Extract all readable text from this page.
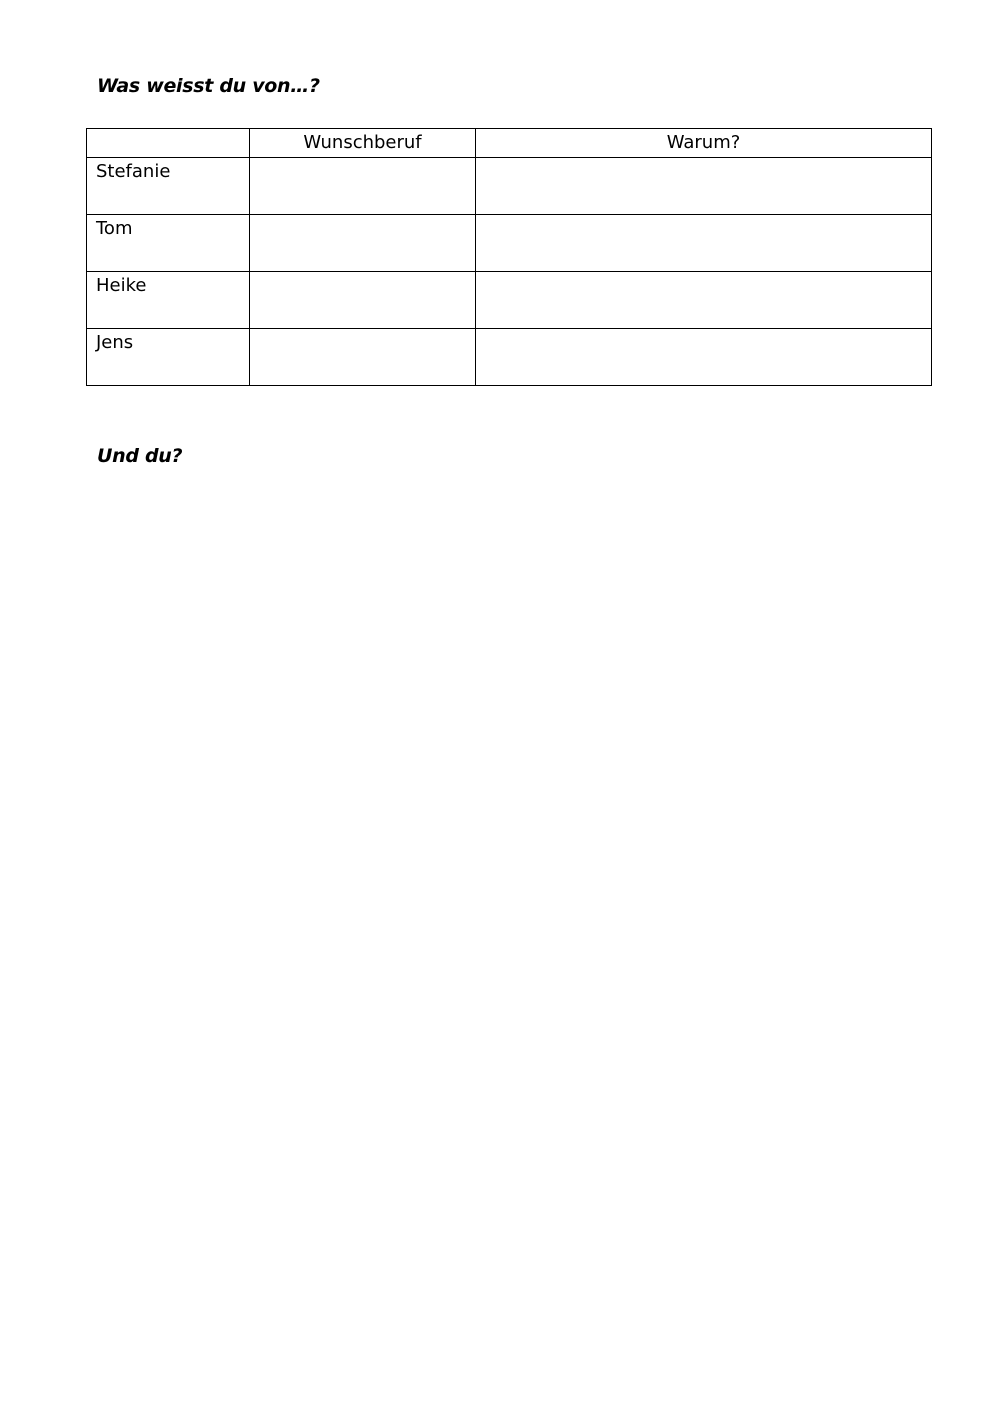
Was weisst du von…?
	Wunschberuf	Warum?
Stefanie		
Tom		
Heike		
Jens		
Und du?
